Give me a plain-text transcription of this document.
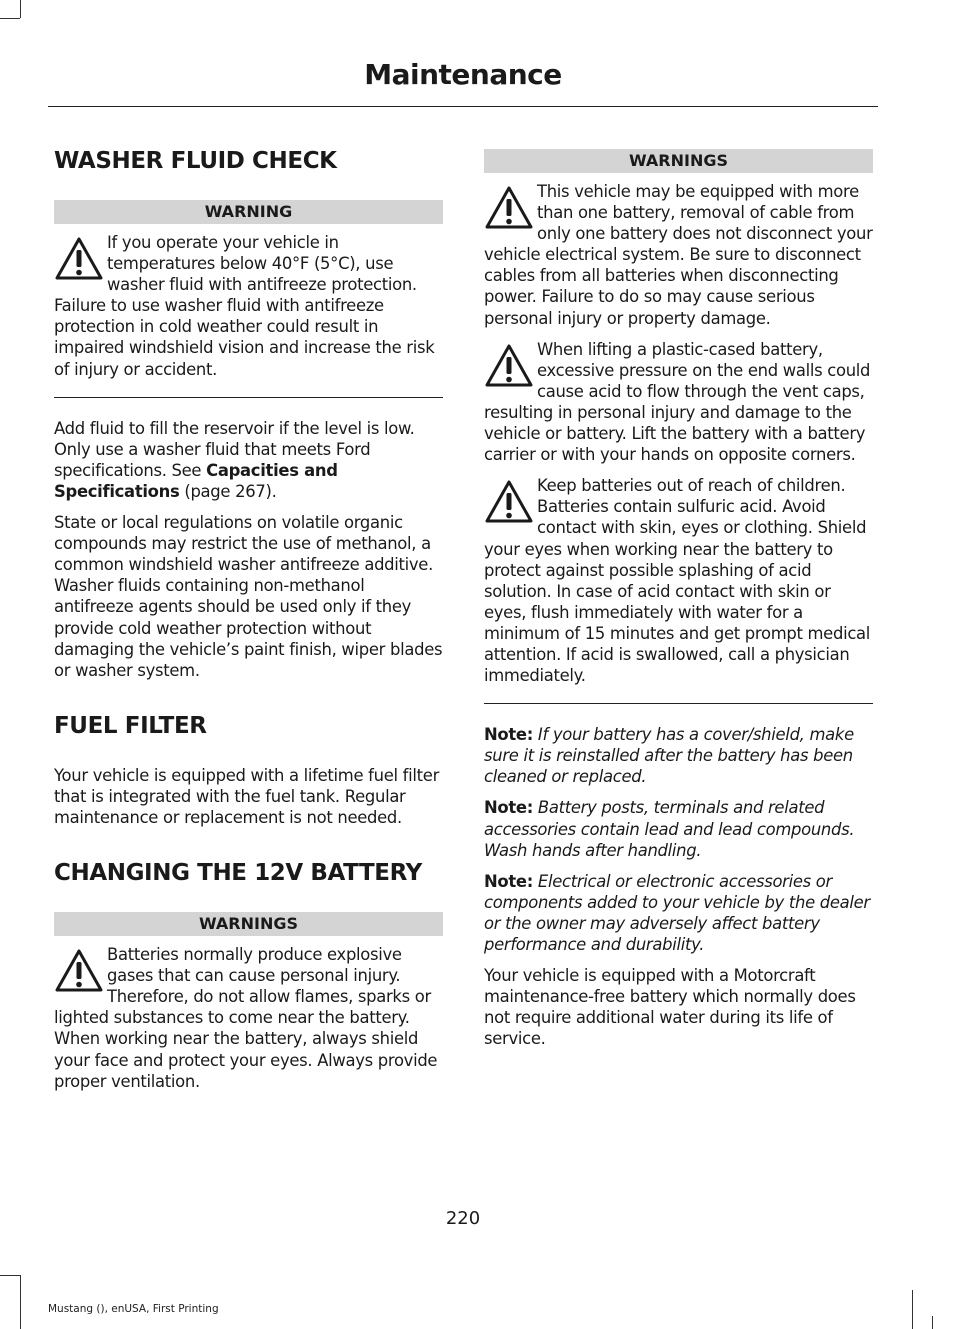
Maintenance
WASHER FLUID CHECK
WARNING

If you operate your vehicle in temperatures below 40°F (5°C), use washer fluid with antifreeze protection. Failure to use washer fluid with antifreeze protection in cold weather could result in impaired windshield vision and increase the risk of injury or accident.

Add fluid to fill the reservoir if the level is low. Only use a washer fluid that meets Ford specifications. See Capacities and Specifications (page 267).

State or local regulations on volatile organic compounds may restrict the use of methanol, a common windshield washer antifreeze additive. Washer fluids containing non-methanol antifreeze agents should be used only if they provide cold weather protection without damaging the vehicle’s paint finish, wiper blades or washer system.

FUEL FILTER

Your vehicle is equipped with a lifetime fuel filter that is integrated with the fuel tank. Regular maintenance or replacement is not needed.

CHANGING THE 12V BATTERY
WARNINGS

Batteries normally produce explosive gases that can cause personal injury. Therefore, do not allow flames, sparks or lighted substances to come near the battery. When working near the battery, always shield your face and protect your eyes. Always provide proper ventilation.

WARNINGS

This vehicle may be equipped with more than one battery, removal of cable from only one battery does not disconnect your vehicle electrical system. Be sure to disconnect cables from all batteries when disconnecting power. Failure to do so may cause serious personal injury or property damage.

When lifting a plastic-cased battery, excessive pressure on the end walls could cause acid to flow through the vent caps, resulting in personal injury and damage to the vehicle or battery. Lift the battery with a battery carrier or with your hands on opposite corners.

Keep batteries out of reach of children. Batteries contain sulfuric acid. Avoid contact with skin, eyes or clothing. Shield your eyes when working near the battery to protect against possible splashing of acid solution. In case of acid contact with skin or eyes, flush immediately with water for a minimum of 15 minutes and get prompt medical attention. If acid is swallowed, call a physician immediately.

Note: If your battery has a cover/shield, make sure it is reinstalled after the battery has been cleaned or replaced.

Note: Battery posts, terminals and related accessories contain lead and lead compounds. Wash hands after handling.

Note: Electrical or electronic accessories or components added to your vehicle by the dealer or the owner may adversely affect battery performance and durability.

Your vehicle is equipped with a Motorcraft maintenance-free battery which normally does not require additional water during its life of service.

220
Mustang (), enUSA, First Printing
